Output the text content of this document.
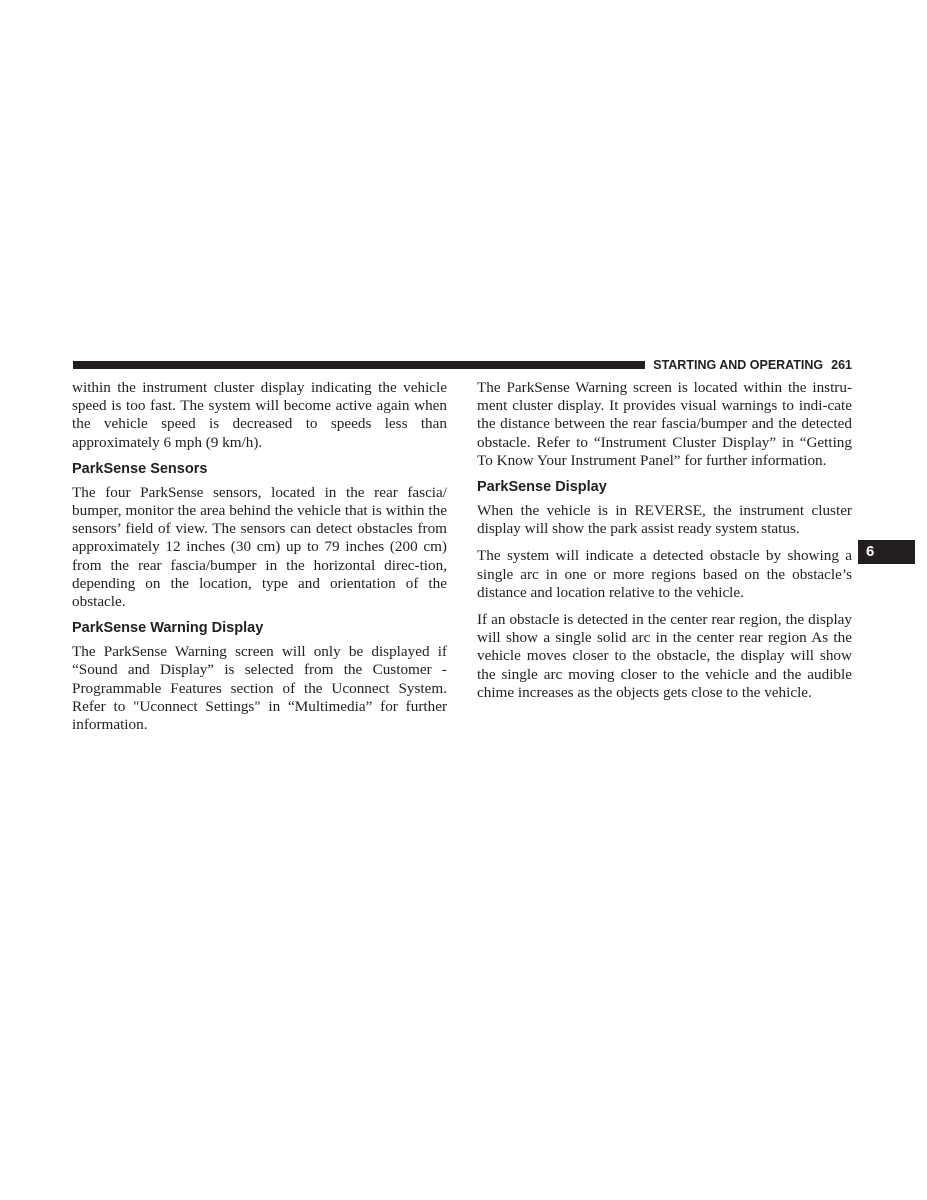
STARTING AND OPERATING 261

within the instrument cluster display indicating the vehicle speed is too fast. The system will become active again when the vehicle speed is decreased to speeds less than approximately 6 mph (9 km/h).

ParkSense Sensors

The four ParkSense sensors, located in the rear fascia/ bumper, monitor the area behind the vehicle that is within the sensors’ field of view. The sensors can detect obstacles from approximately 12 inches (30 cm) up to 79 inches (200 cm) from the rear fascia/bumper in the horizontal direc-tion, depending on the location, type and orientation of the obstacle.

ParkSense Warning Display

The ParkSense Warning screen will only be displayed if “Sound and Display” is selected from the Customer - Programmable Features section of the Uconnect System. Refer to "Uconnect Settings" in “Multimedia” for further information.

The ParkSense Warning screen is located within the instru-ment cluster display. It provides visual warnings to indi-cate the distance between the rear fascia/bumper and the detected obstacle. Refer to “Instrument Cluster Display” in “Getting To Know Your Instrument Panel” for further information.

ParkSense Display

When the vehicle is in REVERSE, the instrument cluster display will show the park assist ready system status.

The system will indicate a detected obstacle by showing a single arc in one or more regions based on the obstacle’s distance and location relative to the vehicle.

If an obstacle is detected in the center rear region, the display will show a single solid arc in the center rear region As the vehicle moves closer to the obstacle, the display will show the single arc moving closer to the vehicle and the audible chime increases as the objects gets close to the vehicle.

6
